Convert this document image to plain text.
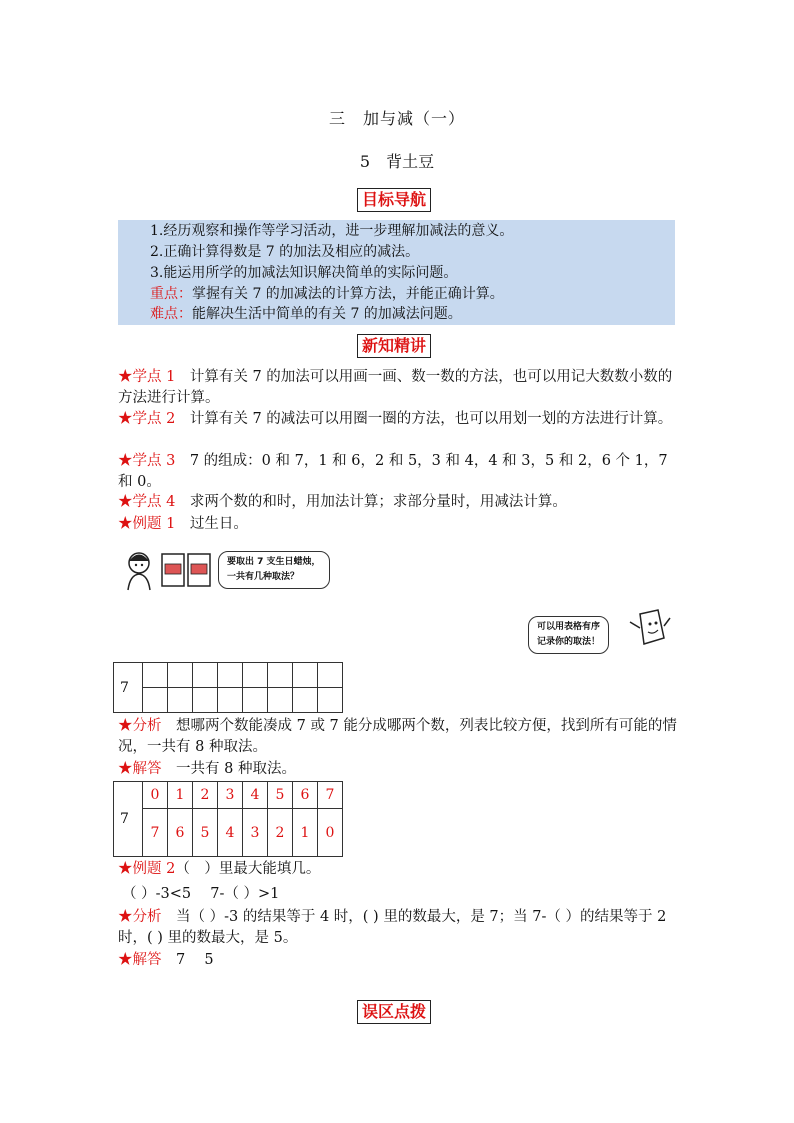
三　加与减（一）
5　背土豆
目标导航
1.经历观察和操作等学习活动，进一步理解加减法的意义。
2.正确计算得数是 7 的加法及相应的减法。
3.能运用所学的加减法知识解决简单的实际问题。
重点：掌握有关 7 的加减法的计算方法，并能正确计算。
难点：能解决生活中简单的有关 7 的加减法问题。
新知精讲
★学点 1　计算有关 7 的加法可以用画一画、数一数的方法，也可以用记大数数小数的方法进行计算。
★学点 2　计算有关 7 的减法可以用圈一圈的方法，也可以用划一划的方法进行计算。
★学点 3　7 的组成：0 和 7，1 和 6，2 和 5，3 和 4，4 和 3，5 和 2，6 个 1，7 和 0。
★学点 4　求两个数的和时，用加法计算；求部分量时，用减法计算。
★例题 1　过生日。
要取出 7 支生日蜡烛，
一共有几种取法？
可以用表格有序
记录你的取法！
7								

★分析　想哪两个数能凑成 7 或 7 能分成哪两个数，列表比较方便，找到所有可能的情况，一共有 8 种取法。
★解答　一共有 8 种取法。
7	0	1	2	3	4	5	6	7
	7	6	5	4	3	2	1	0
★例题 2（　）里最大能填几。
（ ）-3<5　 7-（ ）>1
★分析　当（ ）-3 的结果等于 4 时，( ) 里的数最大，是 7；当 7-（ ）的结果等于 2 时，( ) 里的数最大，是 5。
★解答　7　 5
误区点拨
